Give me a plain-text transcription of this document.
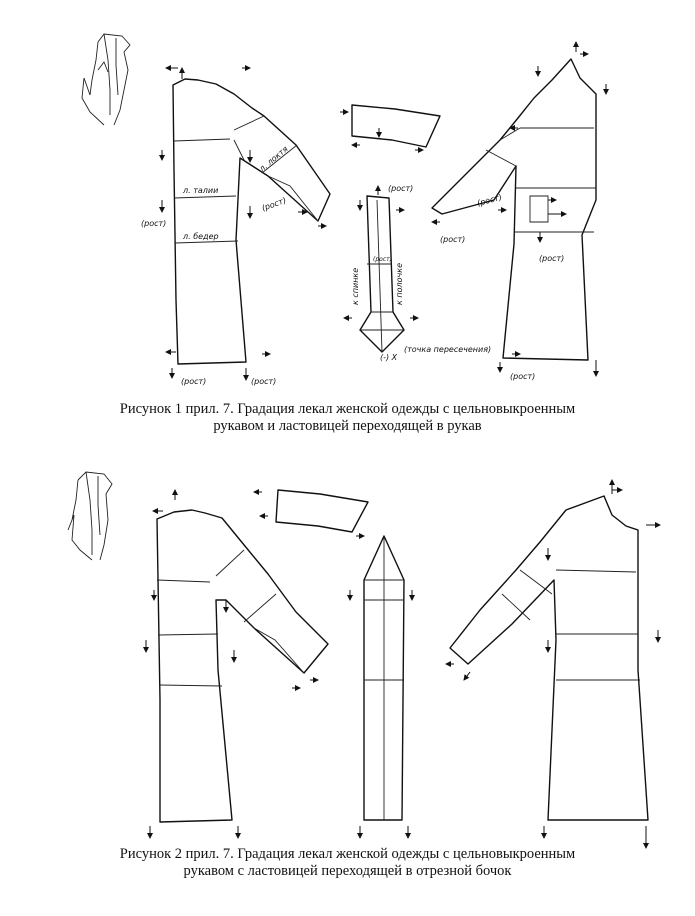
л. талии
л. бедер
л. локтя
(рост)
(рост)
(рост)	(рост)
(рост)
к спинке	к полочке
(рост)
(-) Х
(точка пересечения)
(рост)
(рост)
(рост)
(рост)
Рисунок 1 прил. 7. Градация лекал женской одежды с цельновыкроенным
рукавом и ластовицей переходящей в рукав
Рисунок 2 прил. 7. Градация лекал женской одежды с цельновыкроенным
рукавом с ластовицей переходящей в отрезной бочок
